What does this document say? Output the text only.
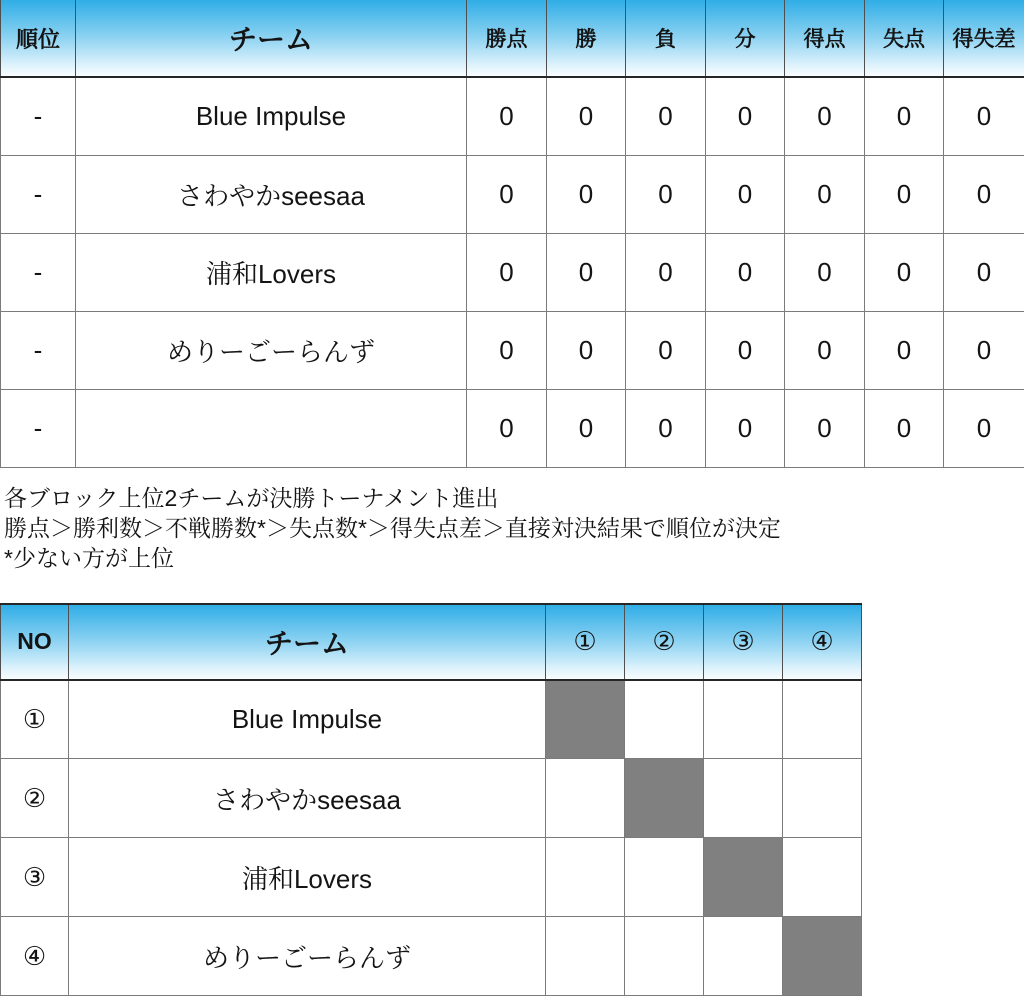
順位	チーム	勝点	勝	負	分	得点	失点	得失差
-	Blue Impulse	0	0	0	0	0	0	0
-	さわやかseesaa	0	0	0	0	0	0	0
-	浦和Lovers	0	0	0	0	0	0	0
-	めりーごーらんず	0	0	0	0	0	0	0
-		0	0	0	0	0	0	0
各ブロック上位2チームが決勝トーナメント進出
勝点＞勝利数＞不戦勝数*＞失点数*＞得失点差＞直接対決結果で順位が決定
*少ない方が上位
NO	チーム	①	②	③	④
①	Blue Impulse				
②	さわやかseesaa				
③	浦和Lovers				
④	めりーごーらんず				
